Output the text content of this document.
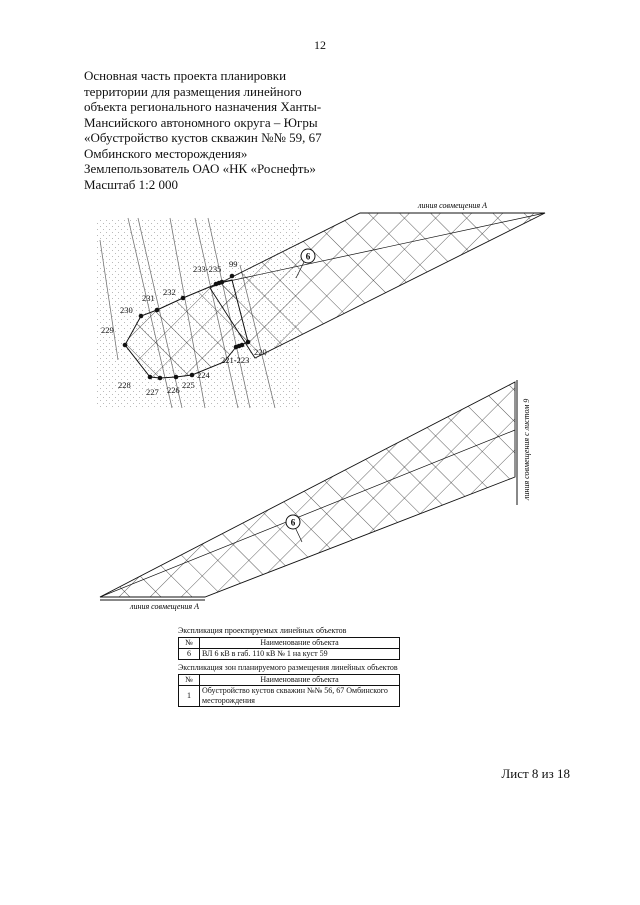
12
Основная часть проекта планировки
территории для размещения линейного
объекта регионального назначения Ханты-
Мансийского автономного округа – Югры
«Обустройство кустов скважин №№ 59, 67
Омбинского месторождения»
Землепользователь ОАО «НК «Роснефть»
Масштаб 1:2 000
99
233-235
232
231
230
229
228
227 226 225
224
221-223
220
6
линия совмещения А
6
линия совмещения А
линия совмещения с листом 9
Экспликация проектируемых линейных объектов
№	Наименование объекта
6	ВЛ 6 кВ в габ. 110 кВ № 1 на куст 59
Экспликация зон планируемого размещения линейных объектов
№	Наименование объекта
1	Обустройство кустов скважин №№ 56, 67 Омбинского месторождения
Лист 8 из 18
